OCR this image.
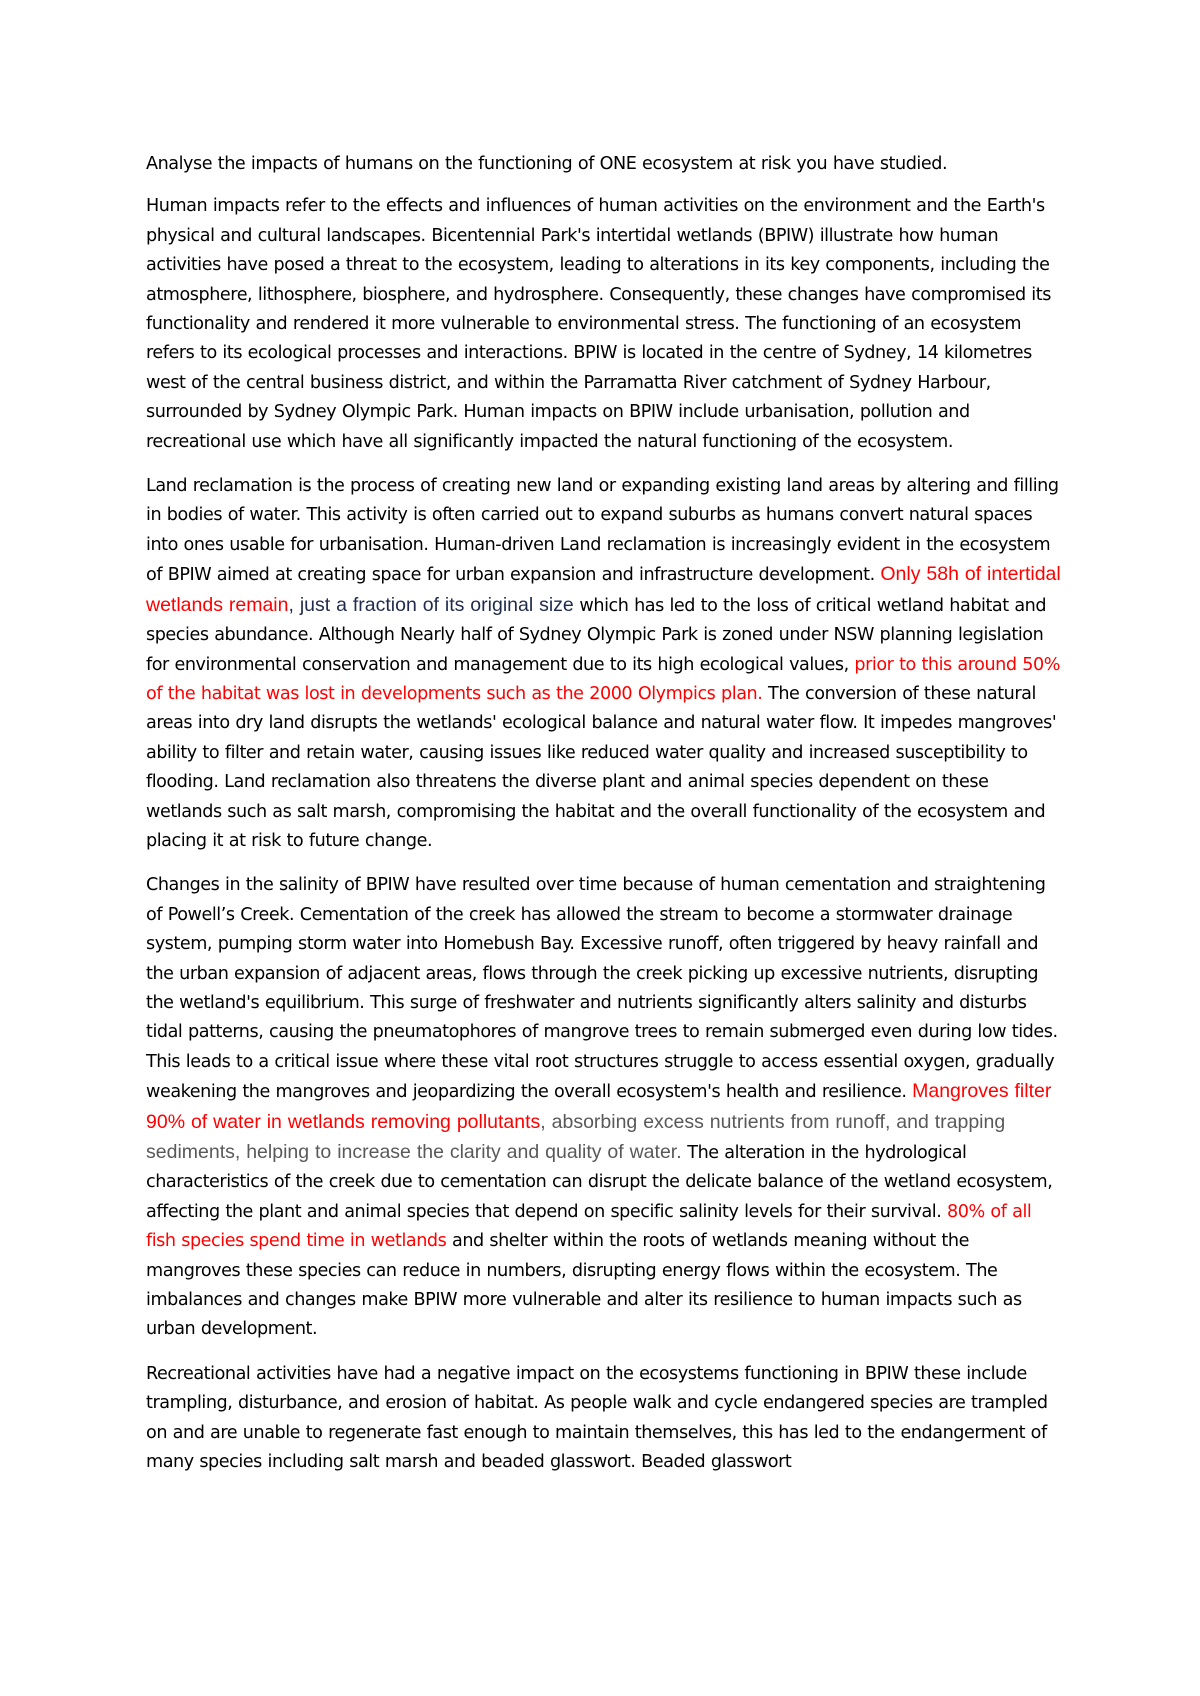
Analyse the impacts of humans on the functioning of ONE ecosystem at risk you have studied.

Human impacts refer to the effects and influences of human activities on the environment and the Earth's physical and cultural landscapes. Bicentennial Park's intertidal wetlands (BPIW) illustrate how human activities have posed a threat to the ecosystem, leading to alterations in its key components, including the atmosphere, lithosphere, biosphere, and hydrosphere. Consequently, these changes have compromised its functionality and rendered it more vulnerable to environmental stress. The functioning of an ecosystem refers to its ecological processes and interactions. BPIW is located in the centre of Sydney, 14 kilometres west of the central business district, and within the Parramatta River catchment of Sydney Harbour, surrounded by Sydney Olympic Park. Human impacts on BPIW include urbanisation, pollution and recreational use which have all significantly impacted the natural functioning of the ecosystem.

Land reclamation is the process of creating new land or expanding existing land areas by altering and filling in bodies of water. This activity is often carried out to expand suburbs as humans convert natural spaces into ones usable for urbanisation. Human-driven Land reclamation is increasingly evident in the ecosystem of BPIW aimed at creating space for urban expansion and infrastructure development. Only 58h of intertidal wetlands remain, just a fraction of its original size which has led to the loss of critical wetland habitat and species abundance. Although Nearly half of Sydney Olympic Park is zoned under NSW planning legislation for environmental conservation and management due to its high ecological values, prior to this around 50% of the habitat was lost in developments such as the 2000 Olympics plan. The conversion of these natural areas into dry land disrupts the wetlands' ecological balance and natural water flow. It impedes mangroves' ability to filter and retain water, causing issues like reduced water quality and increased susceptibility to flooding. Land reclamation also threatens the diverse plant and animal species dependent on these wetlands such as salt marsh, compromising the habitat and the overall functionality of the ecosystem and placing it at risk to future change.

Changes in the salinity of BPIW have resulted over time because of human cementation and straightening of Powell’s Creek. Cementation of the creek has allowed the stream to become a stormwater drainage system, pumping storm water into Homebush Bay. Excessive runoff, often triggered by heavy rainfall and the urban expansion of adjacent areas, flows through the creek picking up excessive nutrients, disrupting the wetland's equilibrium. This surge of freshwater and nutrients significantly alters salinity and disturbs tidal patterns, causing the pneumatophores of mangrove trees to remain submerged even during low tides. This leads to a critical issue where these vital root structures struggle to access essential oxygen, gradually weakening the mangroves and jeopardizing the overall ecosystem's health and resilience. Mangroves filter 90% of water in wetlands removing pollutants, absorbing excess nutrients from runoff, and trapping sediments, helping to increase the clarity and quality of water. The alteration in the hydrological characteristics of the creek due to cementation can disrupt the delicate balance of the wetland ecosystem, affecting the plant and animal species that depend on specific salinity levels for their survival. 80% of all fish species spend time in wetlands and shelter within the roots of wetlands meaning without the mangroves these species can reduce in numbers, disrupting energy flows within the ecosystem. The imbalances and changes make BPIW more vulnerable and alter its resilience to human impacts such as urban development.

Recreational activities have had a negative impact on the ecosystems functioning in BPIW these include trampling, disturbance, and erosion of habitat. As people walk and cycle endangered species are trampled on and are unable to regenerate fast enough to maintain themselves, this has led to the endangerment of many species including salt marsh and beaded glasswort. Beaded glasswort
